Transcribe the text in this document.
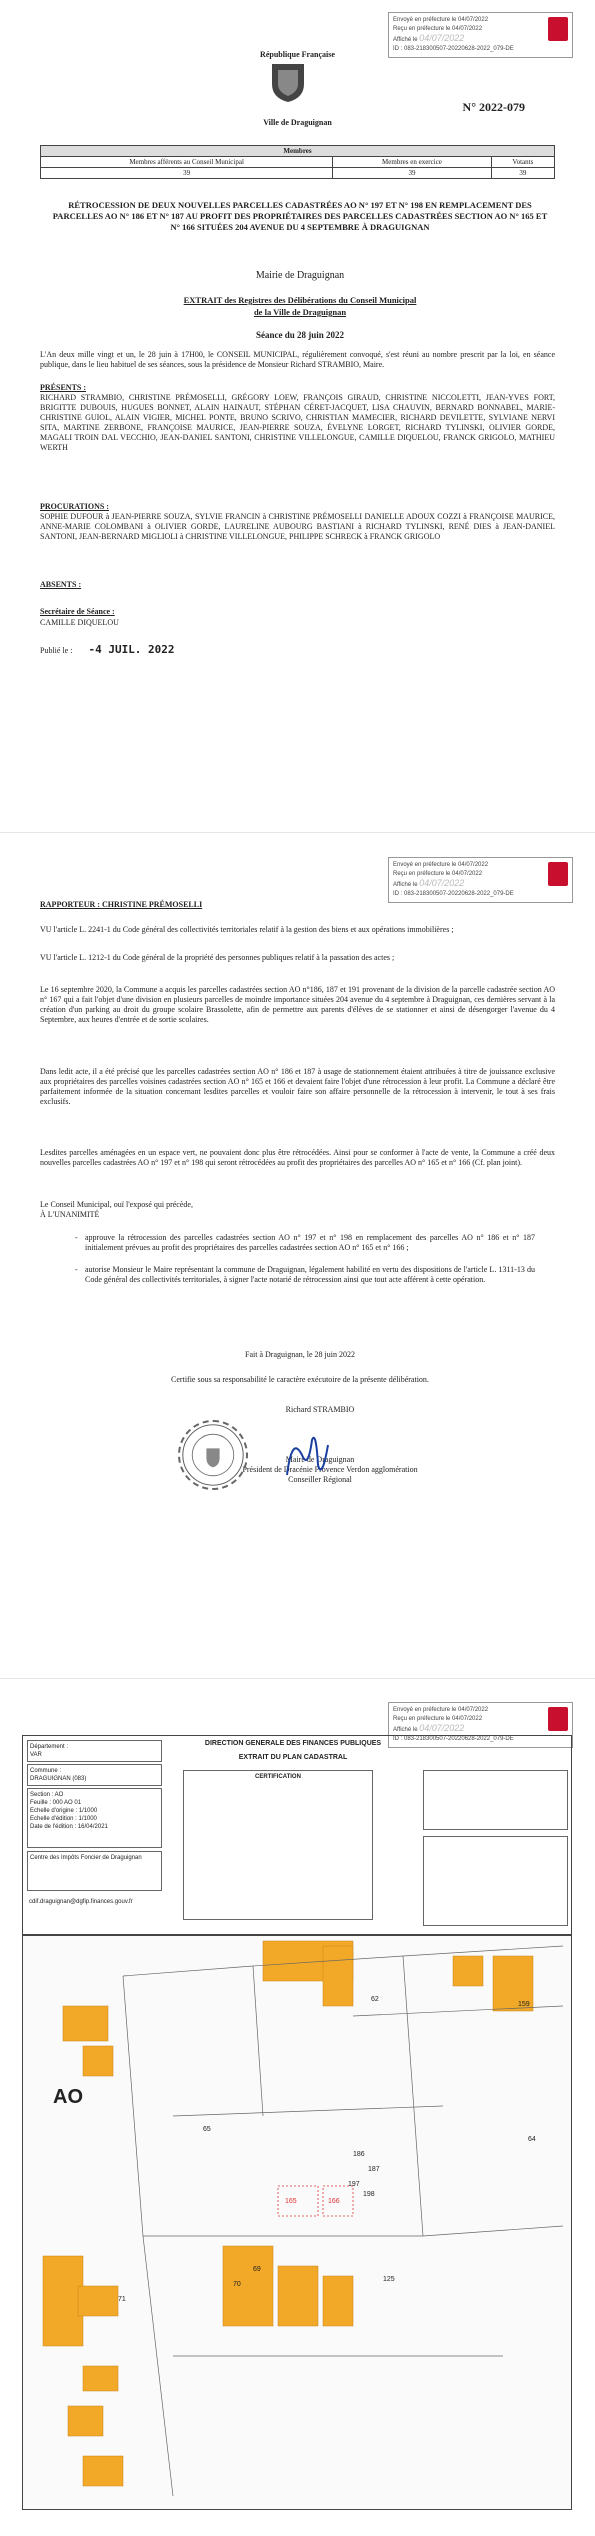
Envoyé en préfecture le 04/07/2022
Reçu en préfecture le 04/07/2022
Affiché le 04/07/2022
ID : 083-218300507-20220628-2022_079-DE
République Française
Ville de Draguignan
N° 2022-079
Membres		
Membres afférents au Conseil Municipal	Membres en exercice	Votants
39	39	39
RÉTROCESSION DE DEUX NOUVELLES PARCELLES CADASTRÉES AO N° 197 ET N° 198 EN REMPLACEMENT DES PARCELLES AO N° 186 ET N° 187 AU PROFIT DES PROPRIÉTAIRES DES PARCELLES CADASTRÉES SECTION AO N° 165 ET N° 166 SITUÉES 204 AVENUE DU 4 SEPTEMBRE À DRAGUIGNAN
Mairie de Draguignan
EXTRAIT des Registres des Délibérations du Conseil Municipal
de la Ville de Draguignan
Séance du 28 juin 2022
L'An deux mille vingt et un, le 28 juin à 17H00, le CONSEIL MUNICIPAL, régulièrement convoqué, s'est réuni au nombre prescrit par la loi, en séance publique, dans le lieu habituel de ses séances, sous la présidence de Monsieur Richard STRAMBIO, Maire.
PRÉSENTS :
RICHARD STRAMBIO, CHRISTINE PRÉMOSELLI, GRÉGORY LOEW, FRANÇOIS GIRAUD, CHRISTINE NICCOLETTI, JEAN-YVES FORT, BRIGITTE DUBOUIS, HUGUES BONNET, ALAIN HAINAUT, STÉPHAN CÉRET-JACQUET, LISA CHAUVIN, BERNARD BONNABEL, MARIE-CHRISTINE GUIOL, ALAIN VIGIER, MICHEL PONTE, BRUNO SCRIVO, CHRISTIAN MAMECIER, RICHARD DEVILETTE, SYLVIANE NERVI SITA, MARTINE ZERBONE, FRANÇOISE MAURICE, JEAN-PIERRE SOUZA, ÉVELYNE LORGET, RICHARD TYLINSKI, OLIVIER GORDE, MAGALI TROIN DAL VECCHIO, JEAN-DANIEL SANTONI, CHRISTINE VILLELONGUE, CAMILLE DIQUELOU, FRANCK GRIGOLO, MATHIEU WERTH
PROCURATIONS :
SOPHIE DUFOUR à JEAN-PIERRE SOUZA, SYLVIE FRANCIN à CHRISTINE PRÉMOSELLI DANIELLE ADOUX COZZI à FRANÇOISE MAURICE, ANNE-MARIE COLOMBANI à OLIVIER GORDE, LAURELINE AUBOURG BASTIANI à RICHARD TYLINSKI, RENÉ DIES à JEAN-DANIEL SANTONI, JEAN-BERNARD MIGLIOLI à CHRISTINE VILLELONGUE, PHILIPPE SCHRECK à FRANCK GRIGOLO
ABSENTS :
Secrétaire de Séance :
CAMILLE DIQUELOU
Publié le : -4 JUIL. 2022
Envoyé en préfecture le 04/07/2022
Reçu en préfecture le 04/07/2022
Affiché le 04/07/2022
ID : 083-218300507-20220628-2022_079-DE
RAPPORTEUR : CHRISTINE PRÉMOSELLI
VU l'article L. 2241-1 du Code général des collectivités territoriales relatif à la gestion des biens et aux opérations immobilières ;
VU l'article L. 1212-1 du Code général de la propriété des personnes publiques relatif à la passation des actes ;
Le 16 septembre 2020, la Commune a acquis les parcelles cadastrées section AO n°186, 187 et 191 provenant de la division de la parcelle cadastrée section AO n° 167 qui a fait l'objet d'une division en plusieurs parcelles de moindre importance situées 204 avenue du 4 septembre à Draguignan, ces dernières servant à la création d'un parking au droit du groupe scolaire Brassolette, afin de permettre aux parents d'élèves de se stationner et ainsi de désengorger l'avenue du 4 Septembre, aux heures d'entrée et de sortie scolaires.
Dans ledit acte, il a été précisé que les parcelles cadastrées section AO n° 186 et 187 à usage de stationnement étaient attribuées à titre de jouissance exclusive aux propriétaires des parcelles voisines cadastrées section AO n° 165 et 166 et devaient faire l'objet d'une rétrocession à leur profit. La Commune a déclaré être parfaitement informée de la situation concernant lesdites parcelles et vouloir faire son affaire personnelle de la rétrocession à intervenir, le tout à ses frais exclusifs.
Lesdites parcelles aménagées en un espace vert, ne pouvaient donc plus être rétrocédées. Ainsi pour se conformer à l'acte de vente, la Commune a créé deux nouvelles parcelles cadastrées AO n° 197 et n° 198 qui seront rétrocédées au profit des propriétaires des parcelles AO n° 165 et n° 166 (Cf. plan joint).
Le Conseil Municipal, ouï l'exposé qui précède,
À L'UNANIMITÉ
- approuve la rétrocession des parcelles cadastrées section AO n° 197 et n° 198 en remplacement des parcelles AO n° 186 et n° 187 initialement prévues au profit des propriétaires des parcelles cadastrées section AO n° 165 et n° 166 ;
- autorise Monsieur le Maire représentant la commune de Draguignan, légalement habilité en vertu des dispositions de l'article L. 1311-13 du Code général des collectivités territoriales, à signer l'acte notarié de rétrocession ainsi que tout acte afférent à cette opération.
Fait à Draguignan, le 28 juin 2022
Certifie sous sa responsabilité le caractère exécutoire de la présente délibération.
Richard STRAMBIO
Maire de Draguignan
Président de Dracénie Provence Verdon agglomération
Conseiller Régional
Envoyé en préfecture le 04/07/2022
Reçu en préfecture le 04/07/2022
Affiché le 04/07/2022
ID : 083-218300507-20220628-2022_079-DE
Département :
VAR
Commune :
DRAGUIGNAN (083)
Section : AO
Feuille : 000 AO 01
Echelle d'origine : 1/1000
Echelle d'édition : 1/1000
Date de l'édition : 16/04/2021
Centre des Impôts Foncier de Draguignan
cdif.draguignan@dgfip.finances.gouv.fr
DIRECTION GENERALE DES FINANCES PUBLIQUES
EXTRAIT DU PLAN CADASTRAL
CERTIFICATION
AO
62
159
65
64
186
187
197
198
165	166
69
70
125
71
